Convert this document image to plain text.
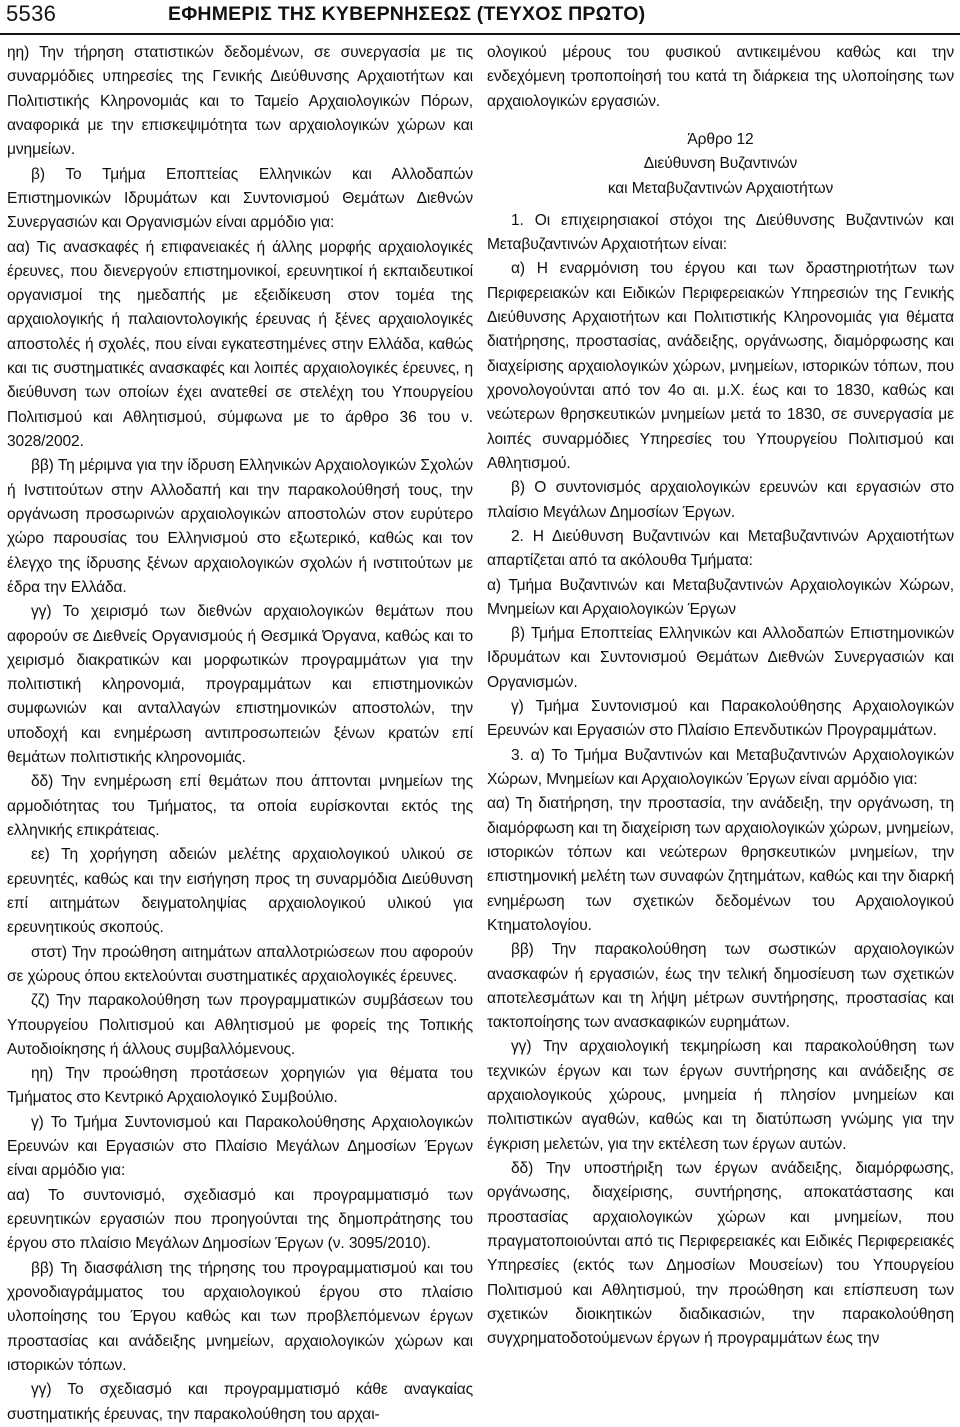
5536	ΕΦΗΜΕΡΙΣ ΤΗΣ ΚΥΒΕΡΝΗΣΕΩΣ (ΤΕΥΧΟΣ ΠΡΩΤΟ)

ηη) Την τήρηση στατιστικών δεδομένων, σε συνεργασία με τις συναρμόδιες υπηρεσίες της Γενικής Διεύθυνσης Αρχαιοτήτων και Πολιτιστικής Κληρονομιάς και το Ταμείο Αρχαιολογικών Πόρων, αναφορικά με την επισκεψιμότητα των αρχαιολογικών χώρων και μνημείων.

β) Το Τμήμα Εποπτείας Ελληνικών και Αλλοδαπών Επιστημονικών Ιδρυμάτων και Συντονισμού Θεμάτων Διεθνών Συνεργασιών και Οργανισμών είναι αρμόδιο για:

αα) Τις ανασκαφές ή επιφανειακές ή άλλης μορφής αρχαιολογικές έρευνες, που διενεργούν επιστημονικοί, ερευνητικοί ή εκπαιδευτικοί οργανισμοί της ημεδαπής με εξειδίκευση στον τομέα της αρχαιολογικής ή παλαιοντολογικής έρευνας ή ξένες αρχαιολογικές αποστολές ή σχολές, που είναι εγκατεστημένες στην Ελλάδα, καθώς και τις συστηματικές ανασκαφές και λοιπές αρχαιολογικές έρευνες, η διεύθυνση των οποίων έχει ανατεθεί σε στελέχη του Υπουργείου Πολιτισμού και Αθλητισμού, σύμφωνα με το άρθρο 36 του ν. 3028/2002.

ββ) Τη μέριμνα για την ίδρυση Ελληνικών Αρχαιολογικών Σχολών ή Ινστιτούτων στην Αλλοδαπή και την παρακολούθησή τους, την οργάνωση προσωρινών αρχαιολογικών αποστολών στον ευρύτερο χώρο παρουσίας του Ελληνισμού στο εξωτερικό, καθώς και τον έλεγχο της ίδρυσης ξένων αρχαιολογικών σχολών ή ινστιτούτων με έδρα την Ελλάδα.

γγ) Το χειρισμό των διεθνών αρχαιολογικών θεμάτων που αφορούν σε Διεθνείς Οργανισμούς ή Θεσμικά Όργανα, καθώς και το χειρισμό διακρατικών και μορφωτικών προγραμμάτων για την πολιτιστική κληρονομιά, προγραμμάτων και επιστημονικών συμφωνιών και ανταλλαγών επιστημονικών αποστολών, την υποδοχή και ενημέρωση αντιπροσωπειών ξένων κρατών επί θεμάτων πολιτιστικής κληρονομιάς.

δδ) Την ενημέρωση επί θεμάτων που άπτονται μνημείων της αρμοδιότητας του Τμήματος, τα οποία ευρίσκονται εκτός της ελληνικής επικράτειας.

εε) Τη χορήγηση αδειών μελέτης αρχαιολογικού υλικού σε ερευνητές, καθώς και την εισήγηση προς τη συναρμόδια Διεύθυνση επί αιτημάτων δειγματοληψίας αρχαιολογικού υλικού για ερευνητικούς σκοπούς.

στστ) Την προώθηση αιτημάτων απαλλοτριώσεων που αφορούν σε χώρους όπου εκτελούνται συστηματικές αρχαιολογικές έρευνες.

ζζ) Την παρακολούθηση των προγραμματικών συμβάσεων του Υπουργείου Πολιτισμού και Αθλητισμού με φορείς της Τοπικής Αυτοδιοίκησης ή άλλους συμβαλλόμενους.

ηη) Την προώθηση προτάσεων χορηγιών για θέματα του Τμήματος στο Κεντρικό Αρχαιολογικό Συμβούλιο.

γ) Το Τμήμα Συντονισμού και Παρακολούθησης Αρχαιολογικών Ερευνών και Εργασιών στο Πλαίσιο Μεγάλων Δημοσίων Έργων είναι αρμόδιο για:

αα) Το συντονισμό, σχεδιασμό και προγραμματισμό των ερευνητικών εργασιών που προηγούνται της δημοπράτησης του έργου στο πλαίσιο Μεγάλων Δημοσίων Έργων (ν. 3095/2010).

ββ) Τη διασφάλιση της τήρησης του προγραμματισμού και του χρονοδιαγράμματος του αρχαιολογικού έργου στο πλαίσιο υλοποίησης του Έργου καθώς και των προβλεπόμενων έργων προστασίας και ανάδειξης μνημείων, αρχαιολογικών χώρων και ιστορικών τόπων.

γγ) Το σχεδιασμό και προγραμματισμό κάθε αναγκαίας συστηματικής έρευνας, την παρακολούθηση του αρχαι-

ολογικού μέρους του φυσικού αντικειμένου καθώς και την ενδεχόμενη τροποποίησή του κατά τη διάρκεια της υλοποίησης των αρχαιολογικών εργασιών.

Άρθρο 12
Διεύθυνση Βυζαντινών
και Μεταβυζαντινών Αρχαιοτήτων

1. Οι επιχειρησιακοί στόχοι της Διεύθυνσης Βυζαντινών και Μεταβυζαντινών Αρχαιοτήτων είναι:

α) Η εναρμόνιση του έργου και των δραστηριοτήτων των Περιφερειακών και Ειδικών Περιφερειακών Υπηρεσιών της Γενικής Διεύθυνσης Αρχαιοτήτων και Πολιτιστικής Κληρονομιάς για θέματα διατήρησης, προστασίας, ανάδειξης, οργάνωσης, διαμόρφωσης και διαχείρισης αρχαιολογικών χώρων, μνημείων, ιστορικών τόπων, που χρονολογούνται από τον 4ο αι. μ.Χ. έως και το 1830, καθώς και νεώτερων θρησκευτικών μνημείων μετά το 1830, σε συνεργασία με λοιπές συναρμόδιες Υπηρεσίες του Υπουργείου Πολιτισμού και Αθλητισμού.

β) Ο συντονισμός αρχαιολογικών ερευνών και εργασιών στο πλαίσιο Μεγάλων Δημοσίων Έργων.

2. Η Διεύθυνση Βυζαντινών και Μεταβυζαντινών Αρχαιοτήτων απαρτίζεται από τα ακόλουθα Τμήματα:

α) Τμήμα Βυζαντινών και Μεταβυζαντινών Αρχαιολογικών Χώρων, Μνημείων και Αρχαιολογικών Έργων

β) Τμήμα Εποπτείας Ελληνικών και Αλλοδαπών Επιστημονικών Ιδρυμάτων και Συντονισμού Θεμάτων Διεθνών Συνεργασιών και Οργανισμών.

γ) Τμήμα Συντονισμού και Παρακολούθησης Αρχαιολογικών Ερευνών και Εργασιών στο Πλαίσιο Επενδυτικών Προγραμμάτων.

3. α) Το Τμήμα Βυζαντινών και Μεταβυζαντινών Αρχαιολογικών Χώρων, Μνημείων και Αρχαιολογικών Έργων είναι αρμόδιο για:

αα) Τη διατήρηση, την προστασία, την ανάδειξη, την οργάνωση, τη διαμόρφωση και τη διαχείριση των αρχαιολογικών χώρων, μνημείων, ιστορικών τόπων και νεώτερων θρησκευτικών μνημείων, την επιστημονική μελέτη των συναφών ζητημάτων, καθώς και την διαρκή ενημέρωση των σχετικών δεδομένων του Αρχαιολογικού Κτηματολογίου.

ββ) Την παρακολούθηση των σωστικών αρχαιολογικών ανασκαφών ή εργασιών, έως την τελική δημοσίευση των σχετικών αποτελεσμάτων και τη λήψη μέτρων συντήρησης, προστασίας και τακτοποίησης των ανασκαφικών ευρημάτων.

γγ) Την αρχαιολογική τεκμηρίωση και παρακολούθηση των τεχνικών έργων και των έργων συντήρησης και ανάδειξης σε αρχαιολογικούς χώρους, μνημεία ή πλησίον μνημείων και πολιτιστικών αγαθών, καθώς και τη διατύπωση γνώμης για την έγκριση μελετών, για την εκτέλεση των έργων αυτών.

δδ) Την υποστήριξη των έργων ανάδειξης, διαμόρφωσης, οργάνωσης, διαχείρισης, συντήρησης, αποκατάστασης και προστασίας αρχαιολογικών χώρων και μνημείων, που πραγματοποιούνται από τις Περιφερειακές και Ειδικές Περιφερειακές Υπηρεσίες (εκτός των Δημοσίων Μουσείων) του Υπουργείου Πολιτισμού και Αθλητισμού, την προώθηση και επίσπευση των σχετικών διοικητικών διαδικασιών, την παρακολούθηση συγχρηματοδοτούμενων έργων ή προγραμμάτων έως την
